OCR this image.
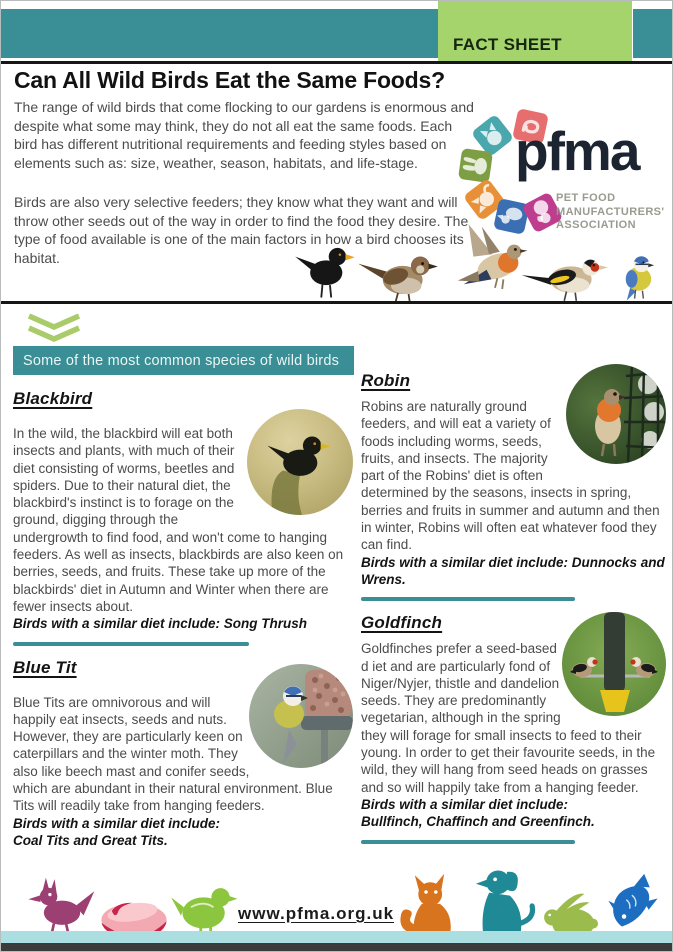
FACT SHEET
Can All Wild Birds Eat the Same Foods?

The range of wild birds that come flocking to our gardens is enormous and despite what some may think, they do not all eat the same foods. Each bird has different nutritional requirements and feeding styles based on elements such as: size, weather, season, habitats, and life-stage.

Birds are also very selective feeders; they know what they want and will throw other seeds out of the way in order to find the food they desire. The type of food available is one of the main factors in how a bird chooses its habitat.

pfma
PET FOOD
MANUFACTURERS'
ASSOCIATION
Some of the most common species of wild birds
Blackbird
In the wild, the blackbird will eat both insects and plants, with much of their diet consisting of worms, beetles and spiders. Due to their natural diet, the blackbird's instinct is to forage on the ground, digging through the undergrowth to find food, and won't come to hanging feeders. As well as insects, blackbirds are also keen on berries, seeds, and fruits. These take up more of the blackbirds' diet in Autumn and Winter when there are fewer insects about.

Birds with a similar diet include: Song Thrush

Blue Tit
Blue Tits are omnivorous and will happily eat insects, seeds and nuts. However, they are particularly keen on caterpillars and the winter moth. They also like beech mast and conifer seeds, which are abundant in their natural environment. Blue Tits will readily take from hanging feeders.

Birds with a similar diet include:

Coal Tits and Great Tits.

Robin
Robins are naturally ground feeders, and will eat a variety of foods including worms, seeds, fruits, and insects. The majority part of the Robins' diet is often determined by the seasons, insects in spring, berries and fruits in summer and autumn and then in winter, Robins will often eat whatever food they can find.

Birds with a similar diet include: Dunnocks and Wrens.

Goldfinch
Goldfinches prefer a seed-based d iet and are particularly fond of Niger/Nyjer, thistle and dandelion seeds. They are predominantly vegetarian, although in the spring they will forage for small insects to feed to their young. In order to get their favourite seeds, in the wild, they will hang from seed heads on grasses and so will happily take from a hanging feeder.

Birds with a similar diet include:

Bullfinch, Chaffinch and Greenfinch.

www.pfma.org.uk
